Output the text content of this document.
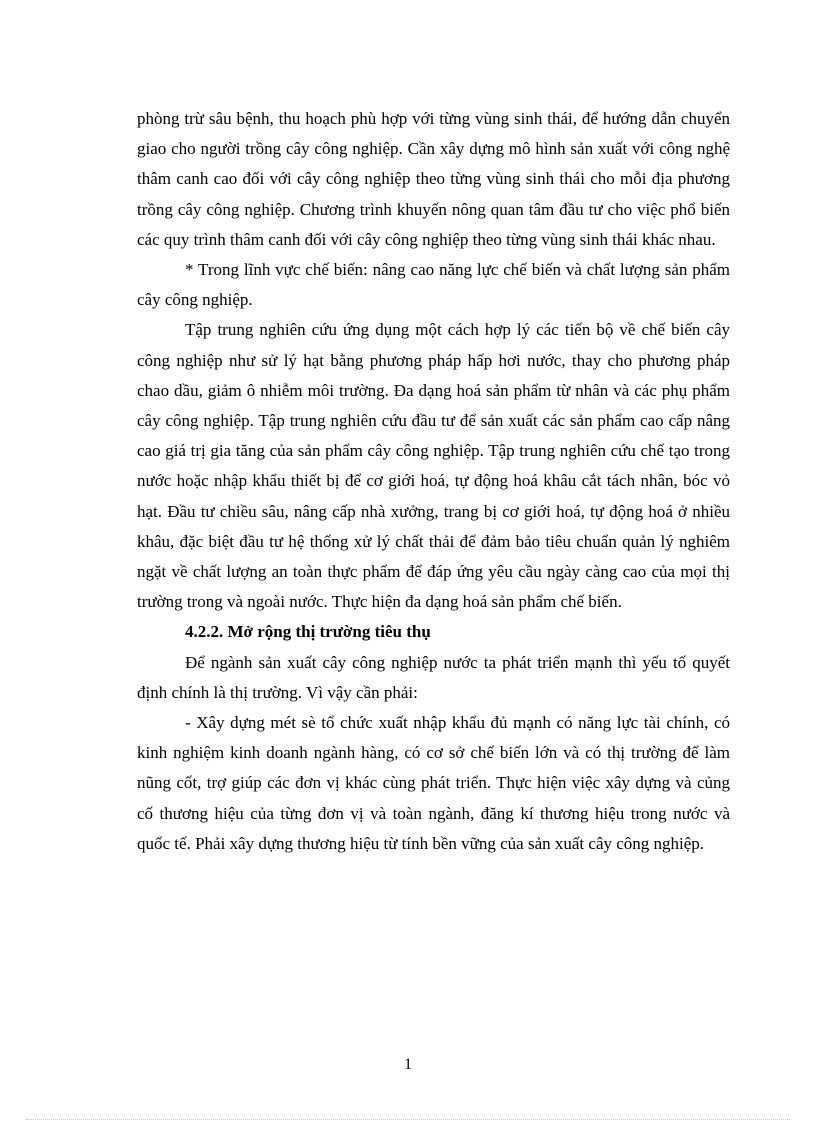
phòng trừ sâu bệnh, thu hoạch phù hợp với từng vùng sinh thái, để hướng dẫn chuyển giao cho người trồng cây công nghiệp. Cần xây dựng mô hình sản xuất với công nghệ thâm canh cao đối với cây công nghiệp theo từng vùng sinh thái cho mỗi địa phương trồng cây công nghiệp. Chương trình khuyến nông quan tâm đầu tư cho việc phổ biến các quy trình thâm canh đối với cây công nghiệp theo từng vùng sinh thái khác nhau.

* Trong lĩnh vực chế biến: nâng cao năng lực chế biến và chất lượng sản phẩm cây công nghiệp.

Tập trung nghiên cứu ứng dụng một cách hợp lý các tiến bộ về chế biến cây công nghiệp như sử lý hạt bằng phương pháp hấp hơi nước, thay cho phương pháp chao dầu, giảm ô nhiễm môi trường. Đa dạng hoá sản phẩm từ nhân và các phụ phẩm cây công nghiệp. Tập trung nghiên cứu đầu tư để sản xuất các sản phẩm cao cấp nâng cao giá trị gia tăng của sản phẩm cây công nghiệp. Tập trung nghiên cứu chế tạo trong nước hoặc nhập khẩu thiết bị để cơ giới hoá, tự động hoá khâu cắt tách nhân, bóc vỏ hạt. Đầu tư chiều sâu, nâng cấp nhà xưởng, trang bị cơ giới hoá, tự động hoá ở nhiều khâu, đặc biệt đầu tư hệ thống xử lý chất thải để đảm bảo tiêu chuẩn quản lý nghiêm ngặt về chất lượng an toàn thực phẩm để đáp ứng yêu cầu ngày càng cao của mọi thị trường trong và ngoài nước. Thực hiện đa dạng hoá sản phẩm chế biến.

4.2.2. Mở rộng thị trường tiêu thụ

Để ngành sản xuất cây công nghiệp nước ta phát triển mạnh thì yếu tố quyết định chính là thị trường. Vì vậy cần phải:

- Xây dựng mét sè tổ chức xuất nhập khẩu đủ mạnh có năng lực tài chính, có kinh nghiệm kinh doanh ngành hàng, có cơ sở chế biến lớn và có thị trường để làm nũng cốt, trợ giúp các đơn vị khác cùng phát triển. Thực hiện việc xây dựng và củng cố thương hiệu của từng đơn vị và toàn ngành, đăng kí thương hiệu trong nước và quốc tế. Phải xây dựng thương hiệu từ tính bền vững của sản xuất cây công nghiệp.

1
